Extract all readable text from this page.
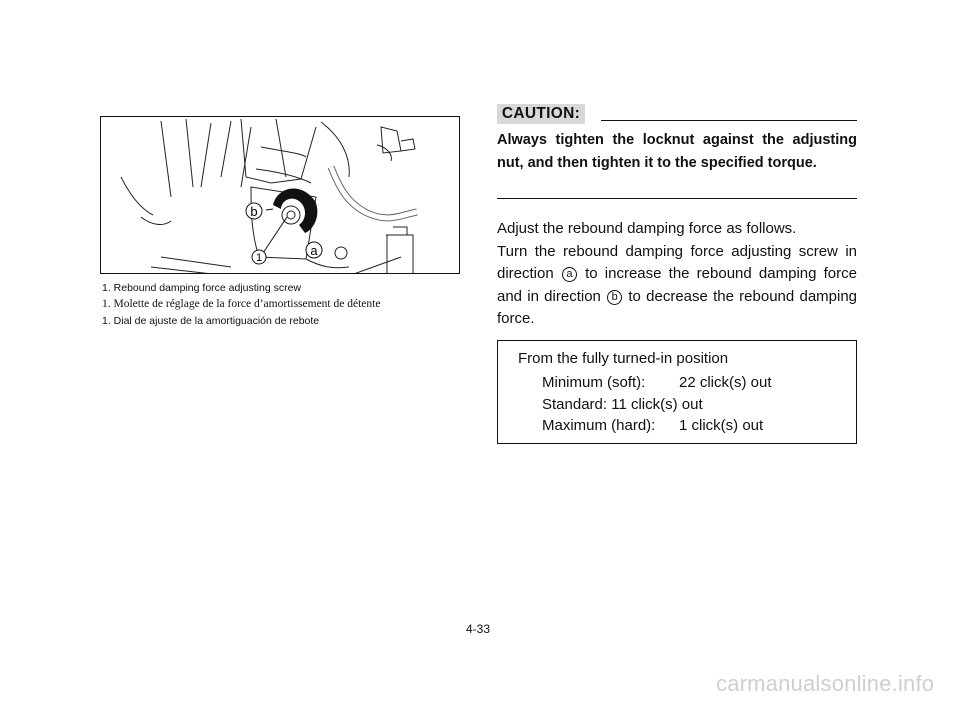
b
1	a
1. Rebound damping force adjusting screw
1. Molette de réglage de la force d’amortissement de détente
1. Dial de ajuste de la amortiguación de rebote
CAUTION:
Always tighten the locknut against the adjusting nut, and then tighten it to the specified torque.

Adjust the rebound damping force as follows.

Turn the rebound damping force adjusting screw in direction a to increase the rebound damping force and in direction b to decrease the rebound damping force.

From the fully turned-in position
Minimum (soft): 22 click(s) out
Standard: 11 click(s) out
Maximum (hard): 1 click(s) out
4-33
carmanualsonline.info
